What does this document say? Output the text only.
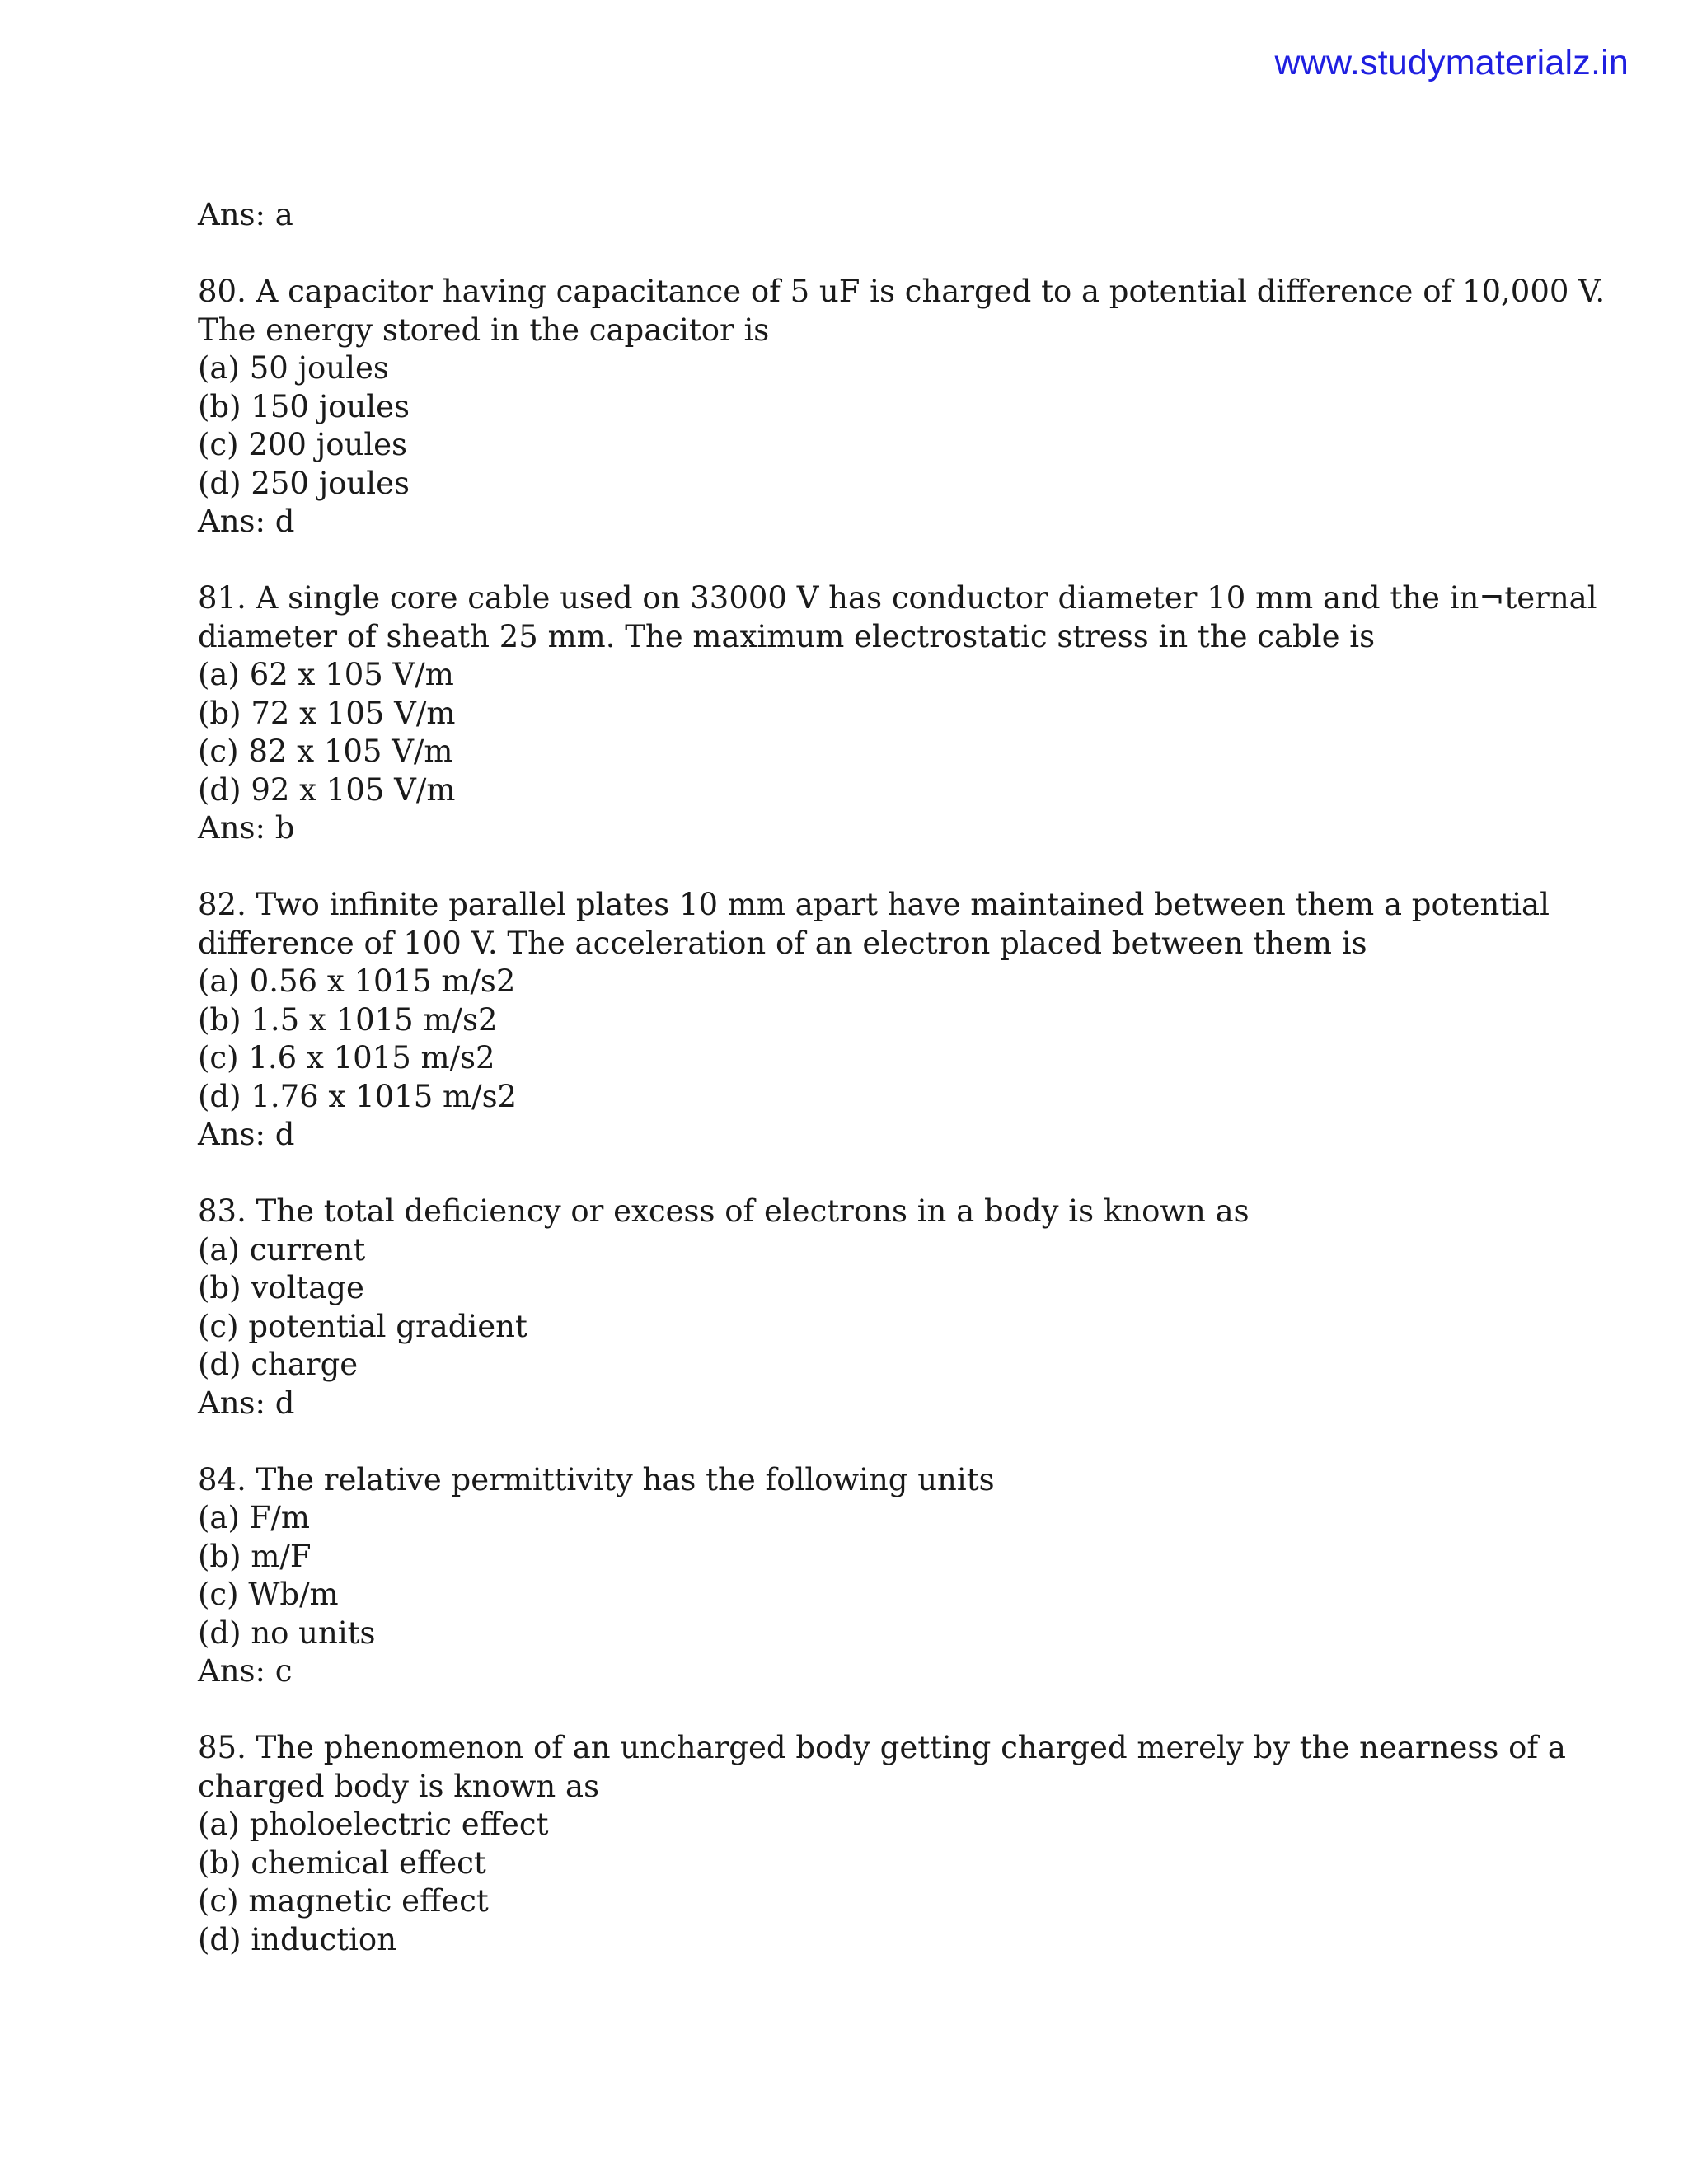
www.studymaterialz.in
Ans: a
80. A capacitor having capacitance of 5 uF is charged to a potential difference of 10,000 V.
The energy stored in the capacitor is
(a) 50 joules
(b) 150 joules
(c) 200 joules
(d) 250 joules
Ans: d
81. A single core cable used on 33000 V has conductor diameter 10 mm and the in¬ternal
diameter of sheath 25 mm. The maximum electrostatic stress in the cable is
(a) 62 x 105 V/m
(b) 72 x 105 V/m
(c) 82 x 105 V/m
(d) 92 x 105 V/m
Ans: b
82. Two infinite parallel plates 10 mm apart have maintained between them a potential
difference of 100 V. The acceleration of an electron placed between them is
(a) 0.56 x 1015 m/s2
(b) 1.5 x 1015 m/s2
(c) 1.6 x 1015 m/s2
(d) 1.76 x 1015 m/s2
Ans: d
83. The total deficiency or excess of electrons in a body is known as
(a) current
(b) voltage
(c) potential gradient
(d) charge
Ans: d
84. The relative permittivity has the following units
(a) F/m
(b) m/F
(c) Wb/m
(d) no units
Ans: c
85. The phenomenon of an uncharged body getting charged merely by the nearness of a
charged body is known as
(a) pholoelectric effect
(b) chemical effect
(c) magnetic effect
(d) induction
